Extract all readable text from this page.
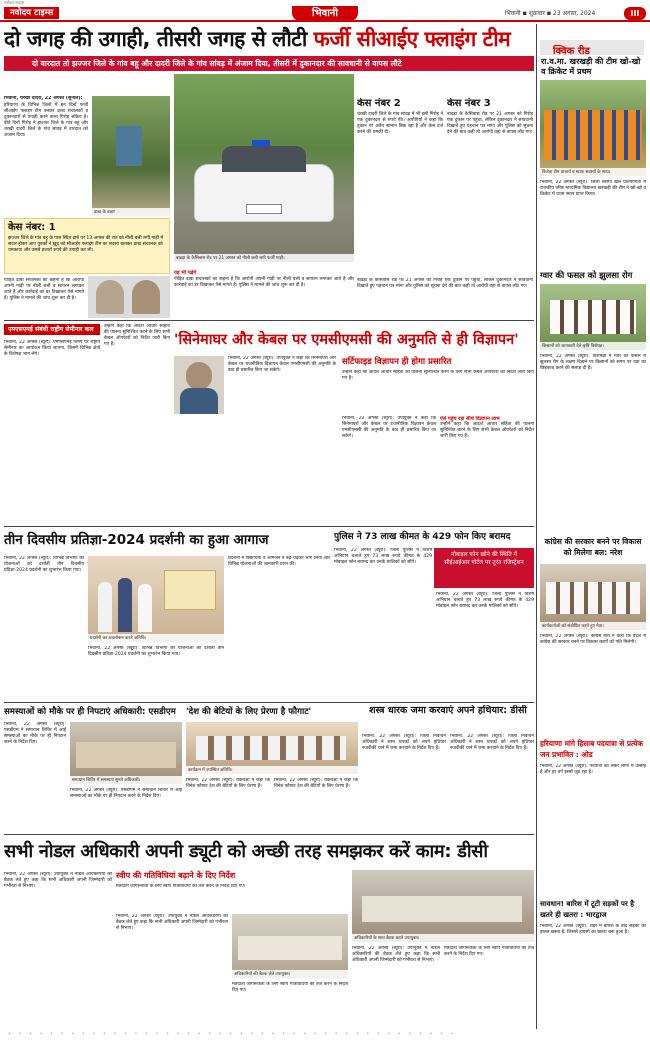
नवोदय टाइम्स
नवोदय टाइम्स	भिवानी	भिवानी ◾ शुक्रवार ◾ 23 अगस्त, 2024	III
दो जगह की उगाही, तीसरी जगह से लौटी फर्जी सीआईए फ्लाइंग टीम
दो वारदात तो झज्जर जिले के गांव बहू और दादरी जिले के गांव सांवड़ में अंजाम दिया, तीसरी में दुकानदार की सावधानी से वापस लौटे
भिवानी, चरखी दादरी, 22 अगस्त (सुनील):
हरियाणा के विभिन्न जिलों में इन दिनों फर्जी सीआईए फ्लाइंग टीम बनकर ढाबा संचालकों व दुकानदारों से उगाही करने वाला गिरोह सक्रिय है। बीते दिनों गिरोह ने झज्जर जिले के गांव बहू और चरखी दादरी जिले के गांव सांवड़ में वारदात को अंजाम दिया।
ढाबा के बाहर
केस नंबर: 1
झज्जर जिले के गांव बहू के पास स्थित ढाबे पर 13 अगस्त की रात को नीली बत्ती लगी गाड़ी में सवार होकर आए युवकों ने खुद को सीआईए फ्लाइंग टीम का सदस्य बताकर ढाबा संचालक को धमकाया और उससे हजारों रुपये की उगाही कर ली।
पीड़ित ढाबा संचालकों का कहना है कि आरोपी अपनी गाड़ी पर नीली बत्ती व सायरन लगाकर आते हैं और कार्रवाई का डर दिखाकर पैसे मांगते हैं। पुलिस ने मामले की जांच शुरू कर दी है।
बाढड़ा के कैसिवास रोड पर 21 अगस्त को नीली बत्ती लगी फर्जी गाड़ी।
केस नंबर 2
चरखी दादरी जिले के गांव सांवड़ में भी इसी गिरोह ने एक दुकानदार से रुपये ऐंठे। आरोपियों ने कहा कि दुकान पर अवैध सामान बिक रहा है और केस दर्ज करने की धमकी दी।
केस नंबर 3
बाढड़ा के कैसिवास रोड पर 21 अगस्त को गिरोह एक दुकान पर पहुंचा, लेकिन दुकानदार ने सावधानी दिखाते हुए पहचान पत्र मांगा और पुलिस को सूचना देने की बात कही तो आरोपी वहां से वापस लौट गए।
यह भी पढ़ेंगे
पीड़ित ढाबा संचालकों का कहना है कि आरोपी अपनी गाड़ी पर नीली बत्ती व सायरन लगाकर आते हैं और कार्रवाई का डर दिखाकर पैसे मांगते हैं। पुलिस ने मामले की जांच शुरू कर दी है।
बाढड़ा के कैसिवास रोड पर 21 अगस्त को गिरोह एक दुकान पर पहुंचा, लेकिन दुकानदार ने सावधानी दिखाते हुए पहचान पत्र मांगा और पुलिस को सूचना देने की बात कही तो आरोपी वहां से वापस लौट गए।
एमएसएमई संबंधी राष्ट्रीय सेमीनार कल
भिवानी, 22 अगस्त (ब्यूरो): एमएसएमई विषय पर राष्ट्रीय सेमीनार का आयोजन किया जाएगा, जिसमें विभिन्न क्षेत्रों के विशेषज्ञ भाग लेंगे।
उन्होंने कहा कि आदर्श आचार संहिता की पालना सुनिश्चित करने के लिए सभी केबल ऑपरेटरों को निर्देश जारी किए गए हैं।	'सिनेमाघर और केबल पर एमसीएमसी की अनुमति से ही विज्ञापन'
भिवानी, 22 अगस्त (ब्यूरो): उपायुक्त ने कहा कि सिनेमाघरों और केबल पर राजनीतिक विज्ञापन केवल एमसीएमसी की अनुमति के बाद ही प्रसारित किए जा सकेंगे।
सर्टिफाइड विज्ञापन ही होगा प्रसारित
उन्होंने कहा कि आदर्श आचार संहिता की पालना सुनिश्चित करने के लिए सभी केबल ऑपरेटरों को निर्देश जारी किए गए हैं।
भिवानी, 22 अगस्त (ब्यूरो): उपायुक्त ने कहा कि सिनेमाघरों और केबल पर राजनीतिक विज्ञापन केवल एमसीएमसी की अनुमति के बाद ही प्रसारित किए जा सकेंगे।
ऐसे पहुंच रहा सीधे विज्ञापन लाभ
उन्होंने कहा कि आदर्श आचार संहिता की पालना सुनिश्चित करने के लिए सभी केबल ऑपरेटरों को निर्देश जारी किए गए हैं।
तीन दिवसीय प्रतिज्ञा-2024 प्रदर्शनी का हुआ आगाज
भिवानी, 22 अगस्त (ब्यूरो): विभिन्न विभागों की योजनाओं को दर्शाती तीन दिवसीय प्रतिज्ञा-2024 प्रदर्शनी का शुभारंभ किया गया।
प्रदर्शनी का अवलोकन करते अतिथि।
प्रदर्शनी में विद्यार्थियों व आमजन ने बढ़-चढ़कर भाग लिया और विभिन्न योजनाओं की जानकारी प्राप्त की।
भिवानी, 22 अगस्त (ब्यूरो): विभिन्न विभागों की योजनाओं को दर्शाती तीन दिवसीय प्रतिज्ञा-2024 प्रदर्शनी का शुभारंभ किया गया।
पुलिस ने 73 लाख कीमत के 429 फोन किए बरामद
भिवानी, 22 अगस्त (ब्यूरो): जिला पुलिस ने विशेष अभियान चलाते हुए 73 लाख रुपये कीमत के 429 मोबाइल फोन बरामद कर उनके मालिकों को सौंपे।
मोबाइल फोन खोने की स्थिति में सीईआईआर पोर्टल पर तुरंत रजिस्ट्रेशन
भिवानी, 22 अगस्त (ब्यूरो): जिला पुलिस ने विशेष अभियान चलाते हुए 73 लाख रुपये कीमत के 429 मोबाइल फोन बरामद कर उनके मालिकों को सौंपे।
समस्याओं को मौके पर ही निपटाएं अधिकारी: एसडीएम
भिवानी, 22 अगस्त (ब्यूरो): एसडीएम ने समाधान शिविर में आई समस्याओं का मौके पर ही निपटान करने के निर्देश दिए।
समाधान शिविर में समस्याएं सुनते अधिकारी।
भिवानी, 22 अगस्त (ब्यूरो): एसडीएम ने समाधान शिविर में आई समस्याओं का मौके पर ही निपटान करने के निर्देश दिए।
'देश की बेटियों के लिए प्रेरणा है फौगाट'
कार्यक्रम में उपस्थित अतिथि।
भिवानी, 22 अगस्त (ब्यूरो): वक्ताओं ने कहा कि विनेश फौगाट देश की बेटियों के लिए प्रेरणा हैं।
भिवानी, 22 अगस्त (ब्यूरो): वक्ताओं ने कहा कि विनेश फौगाट देश की बेटियों के लिए प्रेरणा हैं।
शस्त्र धारक जमा करवाएं अपने हथियार: डीसी
भिवानी, 22 अगस्त (ब्यूरो): जिला निर्वाचन अधिकारी ने शस्त्र धारकों को अपने हथियार नजदीकी थाने में जमा करवाने के निर्देश दिए हैं।
भिवानी, 22 अगस्त (ब्यूरो): जिला निर्वाचन अधिकारी ने शस्त्र धारकों को अपने हथियार नजदीकी थाने में जमा करवाने के निर्देश दिए हैं।
सभी नोडल अधिकारी अपनी ड्यूटी को अच्छी तरह समझकर करें काम: डीसी
भिवानी, 22 अगस्त (ब्यूरो): उपायुक्त ने नोडल अधिकारियों की बैठक लेते हुए कहा कि सभी अधिकारी अपनी जिम्मेदारी को गंभीरता से निभाएं।
स्वीप की गतिविधियां बढ़ाने के दिए निर्देश
मतदाता जागरूकता के लिए स्वीप गतिविधियों को तेज करने के निर्देश दिए गए।
भिवानी, 22 अगस्त (ब्यूरो): उपायुक्त ने नोडल अधिकारियों की बैठक लेते हुए कहा कि सभी अधिकारी अपनी जिम्मेदारी को गंभीरता से निभाएं।
अधिकारियों की बैठक लेते उपायुक्त।
मतदाता जागरूकता के लिए स्वीप गतिविधियों को तेज करने के निर्देश दिए गए।
अधिकारियों के साथ बैठक करते उपायुक्त।
भिवानी, 22 अगस्त (ब्यूरो): उपायुक्त ने नोडल अधिकारियों की बैठक लेते हुए कहा कि सभी अधिकारी अपनी जिम्मेदारी को गंभीरता से निभाएं।
मतदाता जागरूकता के लिए स्वीप गतिविधियों को तेज करने के निर्देश दिए गए।
क्विक रीड
रा.व.मा. खरखड़ी की टीम खो-खो व क्रिकेट में प्रथम
विजेता टीम प्राचार्य व स्टाफ सदस्यों के साथ।
भिवानी, 22 अगस्त (ब्यूरो): जिला स्तरीय खेल प्रतियोगिता में राजकीय वरिष्ठ माध्यमिक विद्यालय खरखड़ी की टीम ने खो-खो व क्रिकेट में प्रथम स्थान प्राप्त किया।
ग्वार की फसल को झुलसा रोग
किसानों को जानकारी देते कृषि विशेषज्ञ।
भिवानी, 22 अगस्त (ब्यूरो): विशेषज्ञों ने ग्वार की फसल में झुलसा रोग के लक्षण दिखने पर किसानों को समय पर दवा का छिड़काव करने की सलाह दी है।
कांग्रेस की सरकार बनने पर विकास को मिलेगा बल: नरेश
कार्यकर्ताओं को संबोधित करते हुए नेता।
भिवानी, 22 अगस्त (ब्यूरो): कांग्रेस नेता ने कहा कि प्रदेश में कांग्रेस की सरकार बनने पर विकास कार्यों को गति मिलेगी।
हरियाणा मांगे हिसाब पदयात्रा से प्रत्येक जन प्रभावित : ओड
भिवानी, 22 अगस्त (ब्यूरो): पदयात्रा को लेकर लोगों में उत्साह है और हर वर्ग इससे जुड़ रहा है।
सावधान! बारिश में टूटी सड़कों पर है खतरे ही खतरा : भारद्वाज
भिवानी, 22 अगस्त (ब्यूरो): शहर में बारिश के बाद सड़कों की हालत खस्ता है, जिससे हादसों का खतरा बना हुआ है।
• • • • • • • • • • • • • • • • • • • • • • • • • • • • • • • • • • • • • • • • • • •
